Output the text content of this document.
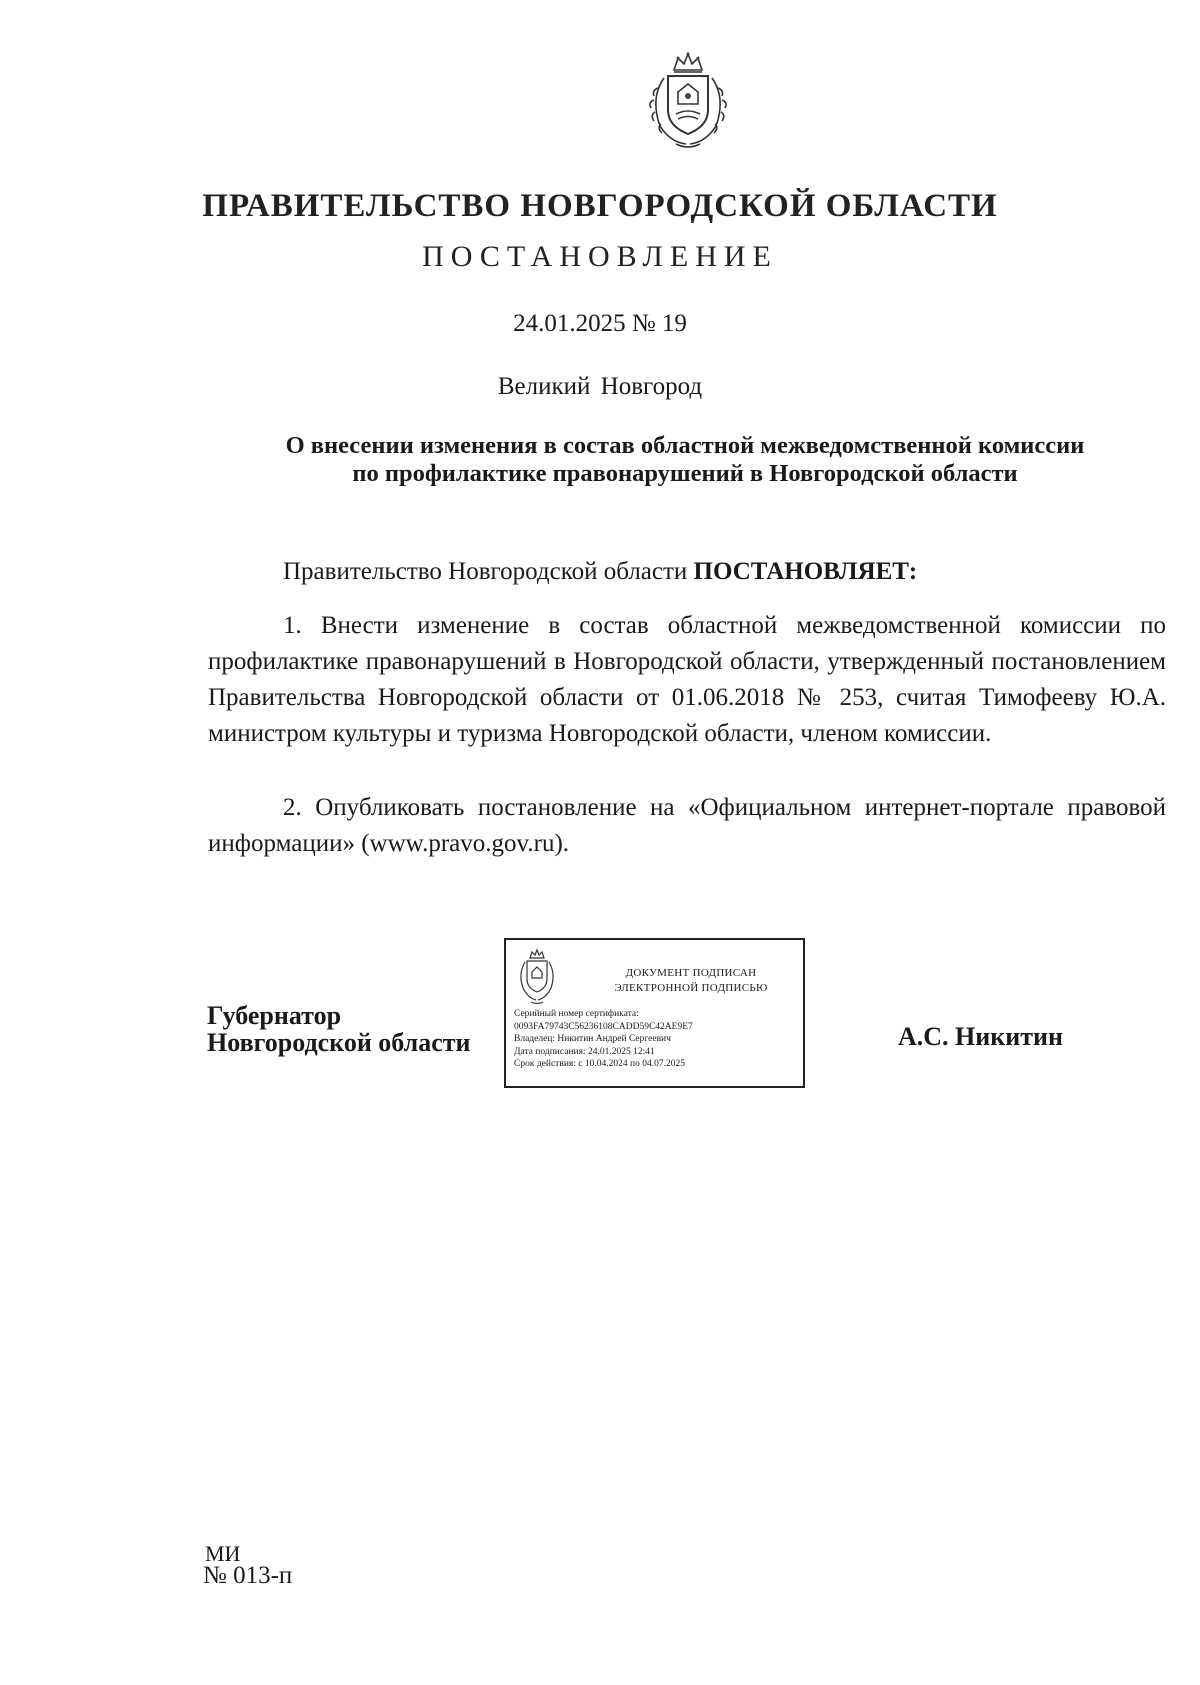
ПРАВИТЕЛЬСТВО НОВГОРОДСКОЙ ОБЛАСТИ
ПОСТАНОВЛЕНИЕ
24.01.2025 № 19
Великий Новгород
О внесении изменения в состав областной межведомственной комиссии
по профилактике правонарушений в Новгородской области
Правительство Новгородской области ПОСТАНОВЛЯЕТ:
1. Внести изменение в состав областной межведомственной комиссии по профилактике правонарушений в Новгородской области, утвержденный постановлением Правительства Новгородской области от 01.06.2018 № 253, считая Тимофееву Ю.А. министром культуры и туризма Новгородской области, членом комиссии.
2. Опубликовать постановление на «Официальном интернет-портале правовой информации» (www.pravo.gov.ru).
Губернатор
Новгородской области
ДОКУМЕНТ ПОДПИСАН
ЭЛЕКТРОННОЙ ПОДПИСЬЮ
Серийный номер сертификата:
0093FA79743C56236108CADD59C42AE9E7
Владелец: Никитин Андрей Сергеевич
Дата подписания: 24.01.2025 12:41
Срок действия: с 10.04.2024 по 04.07.2025
А.С. Никитин
МИ
№ 013-п
